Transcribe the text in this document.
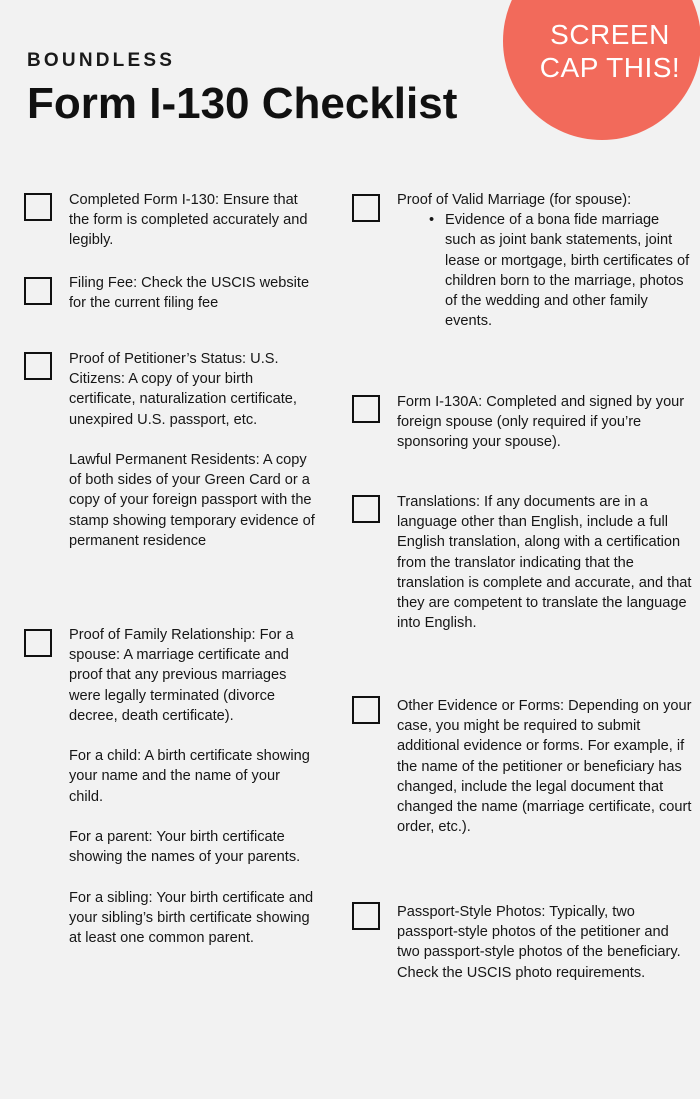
BOUNDLESS
Form I-130 Checklist
SCREEN
CAP THIS!

Completed Form I-130: Ensure that the form is completed accurately and legibly.

Filing Fee: Check the USCIS website for the current filing fee

Proof of Petitioner’s Status: U.S. Citizens: A copy of your birth certificate, naturalization certificate, unexpired U.S. passport, etc.

Lawful Permanent Residents: A copy of both sides of your Green Card or a copy of your foreign passport with the stamp showing temporary evidence of permanent residence

Proof of Family Relationship: For a spouse: A marriage certificate and proof that any previous marriages were legally terminated (divorce decree, death certificate).

For a child: A birth certificate showing your name and the name of your child.

For a parent: Your birth certificate showing the names of your parents.

For a sibling: Your birth certificate and your sibling’s birth certificate showing at least one common parent.

Proof of Valid Marriage (for spouse):

• Evidence of a bona fide marriage such as joint bank statements, joint lease or mortgage, birth certificates of children born to the marriage, photos of the wedding and other family events.

Form I-130A: Completed and signed by your foreign spouse (only required if you’re sponsoring your spouse).

Translations: If any documents are in a language other than English, include a full English translation, along with a certification from the translator indicating that the translation is complete and accurate, and that they are competent to translate the language into English.

Other Evidence or Forms: Depending on your case, you might be required to submit additional evidence or forms. For example, if the name of the petitioner or beneficiary has changed, include the legal document that changed the name (marriage certificate, court order, etc.).

Passport-Style Photos: Typically, two passport-style photos of the petitioner and two passport-style photos of the beneficiary. Check the USCIS photo requirements.
